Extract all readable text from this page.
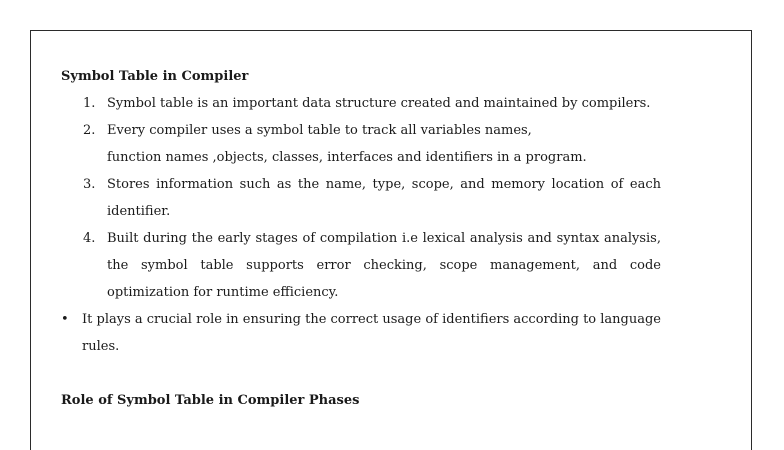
Symbol Table in Compiler

1. Symbol table is an important data structure created and maintained by compilers.
2. Every compiler uses a symbol table to track all variables names,
function names ,objects, classes, interfaces and identifiers in a program.
3. Stores information such as the name, type, scope, and memory location of each
identifier.
4. Built during the early stages of compilation i.e lexical analysis and syntax analysis,
the symbol table supports error checking, scope management, and code
optimization for runtime efficiency.
• It plays a crucial role in ensuring the correct usage of identifiers according to language
rules.

Role of Symbol Table in Compiler Phases
